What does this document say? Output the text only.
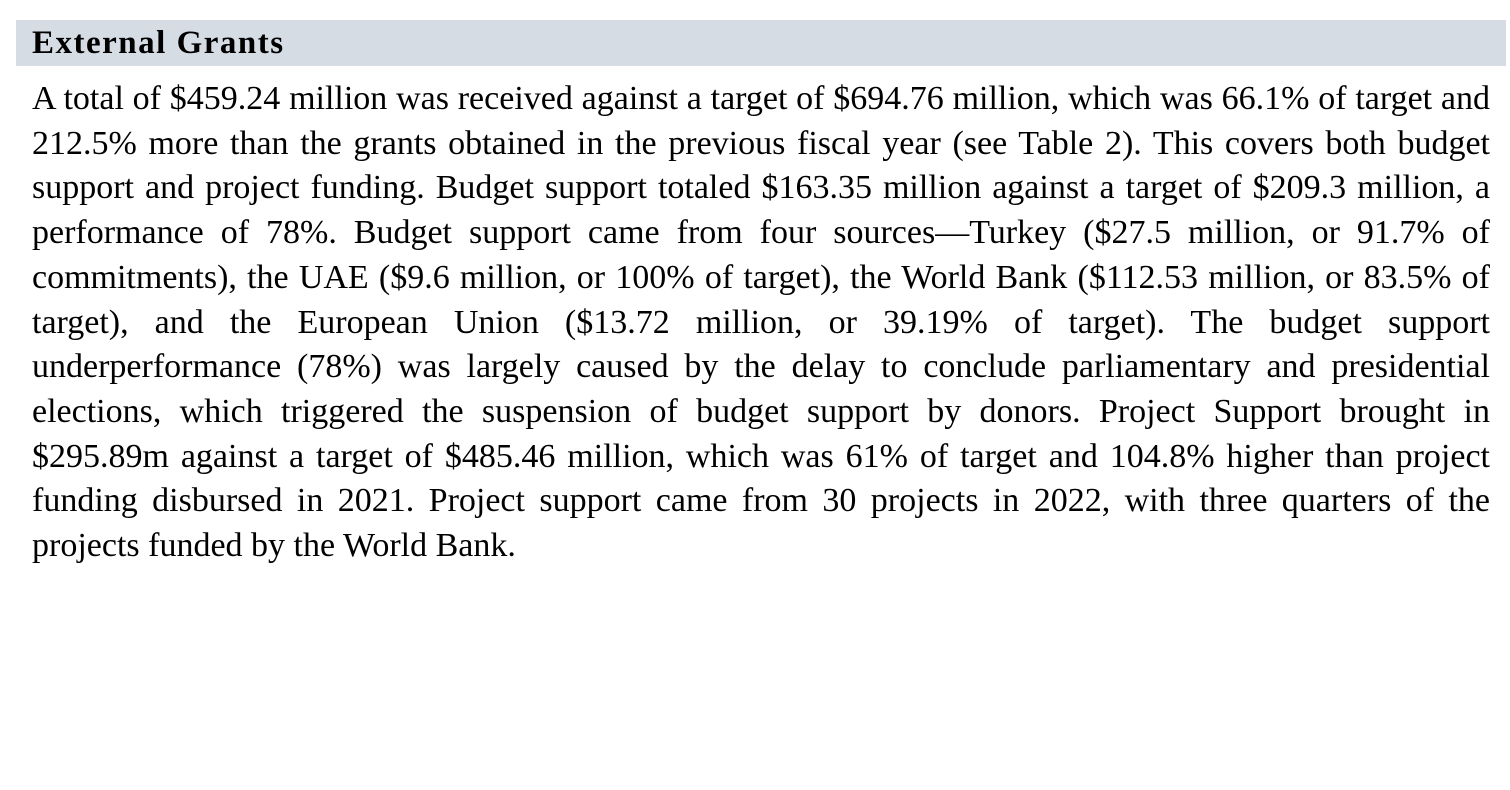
External Grants

A total of $459.24 million was received against a target of $694.76 million, which was 66.1% of target and 212.5% more than the grants obtained in the previous fiscal year (see Table 2). This covers both budget support and project funding. Budget support totaled $163.35 million against a target of $209.3 million, a performance of 78%. Budget support came from four sources—Turkey ($27.5 million, or 91.7% of commitments), the UAE ($9.6 million, or 100% of target), the World Bank ($112.53 million, or 83.5% of target), and the European Union ($13.72 million, or 39.19% of target). The budget support underperformance (78%) was largely caused by the delay to conclude parliamentary and presidential elections, which triggered the suspension of budget support by donors. Project Support brought in $295.89m against a target of $485.46 million, which was 61% of target and 104.8% higher than project funding disbursed in 2021. Project support came from 30 projects in 2022, with three quarters of the projects funded by the World Bank.
